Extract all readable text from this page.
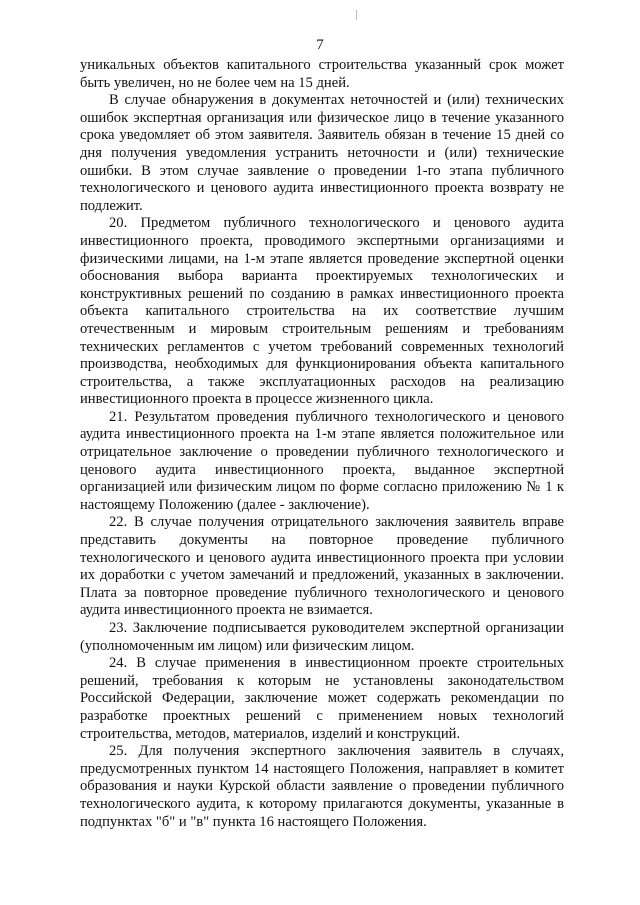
7

уникальных объектов капитального строительства указанный срок может быть увеличен, но не более чем на 15 дней.

В случае обнаружения в документах неточностей и (или) технических ошибок экспертная организация или физическое лицо в течение указанного срока уведомляет об этом заявителя. Заявитель обязан в течение 15 дней со дня получения уведомления устранить неточности и (или) технические ошибки. В этом случае заявление о проведении 1-го этапа публичного технологического и ценового аудита инвестиционного проекта возврату не подлежит.

20. Предметом публичного технологического и ценового аудита инвестиционного проекта, проводимого экспертными организациями и физическими лицами, на 1-м этапе является проведение экспертной оценки обоснования выбора варианта проектируемых технологических и конструктивных решений по созданию в рамках инвестиционного проекта объекта капитального строительства на их соответствие лучшим отечественным и мировым строительным решениям и требованиям технических регламентов с учетом требований современных технологий производства, необходимых для функционирования объекта капитального строительства, а также эксплуатационных расходов на реализацию инвестиционного проекта в процессе жизненного цикла.

21. Результатом проведения публичного технологического и ценового аудита инвестиционного проекта на 1-м этапе является положительное или отрицательное заключение о проведении публичного технологического и ценового аудита инвестиционного проекта, выданное экспертной организацией или физическим лицом по форме согласно приложению № 1 к настоящему Положению (далее - заключение).

22. В случае получения отрицательного заключения заявитель вправе представить документы на повторное проведение публичного технологического и ценового аудита инвестиционного проекта при условии их доработки с учетом замечаний и предложений, указанных в заключении. Плата за повторное проведение публичного технологического и ценового аудита инвестиционного проекта не взимается.

23. Заключение подписывается руководителем экспертной организации (уполномоченным им лицом) или физическим лицом.

24. В случае применения в инвестиционном проекте строительных решений, требования к которым не установлены законодательством Российской Федерации, заключение может содержать рекомендации по разработке проектных решений с применением новых технологий строительства, методов, материалов, изделий и конструкций.

25. Для получения экспертного заключения заявитель в случаях, предусмотренных пунктом 14 настоящего Положения, направляет в комитет образования и науки Курской области заявление о проведении публичного технологического аудита, к которому прилагаются документы, указанные в подпунктах "б" и "в" пункта 16 настоящего Положения.
